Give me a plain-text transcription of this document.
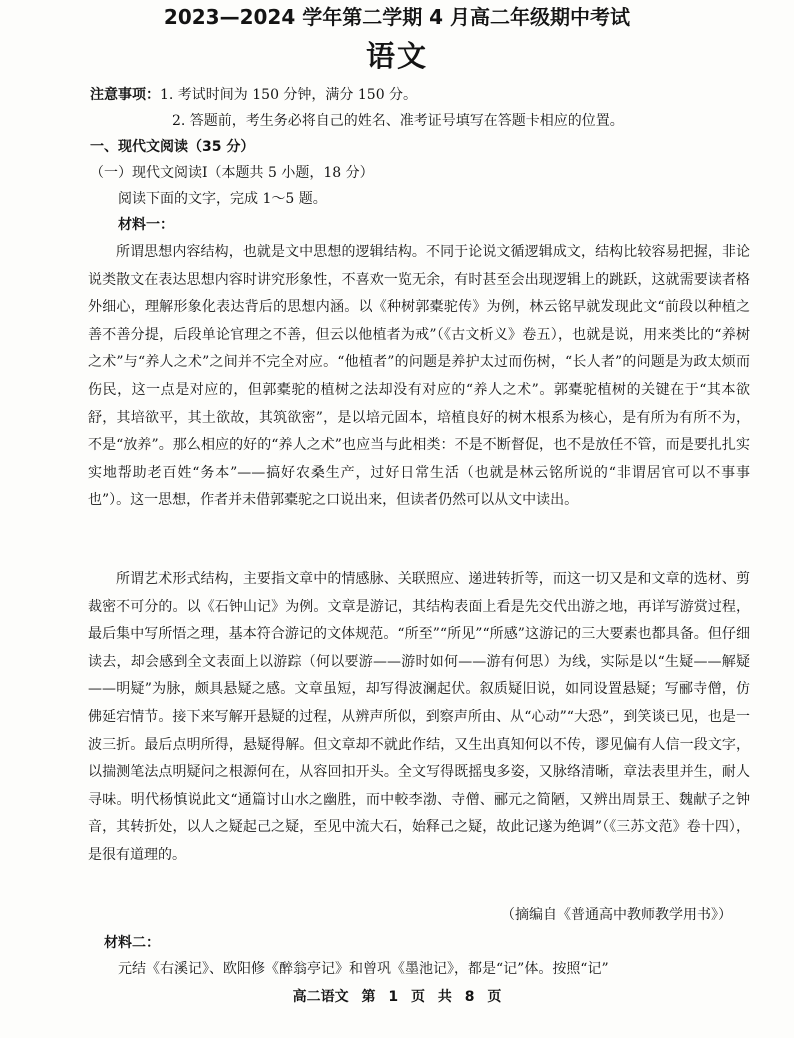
2023—2024 学年第二学期 4 月高二年级期中考试
语文
注意事项：1. 考试时间为 150 分钟，满分 150 分。
2. 答题前，考生务必将自己的姓名、准考证号填写在答题卡相应的位置。
一、现代文阅读（35 分）
（一）现代文阅读Ⅰ（本题共 5 小题，18 分）
阅读下面的文字，完成 1～5 题。
材料一：
所谓思想内容结构，也就是文中思想的逻辑结构。不同于论说文循逻辑成文，结构比较容易把握，非论说类散文在表达思想内容时讲究形象性，不喜欢一览无余，有时甚至会出现逻辑上的跳跃，这就需要读者格外细心，理解形象化表达背后的思想内涵。以《种树郭橐驼传》为例，林云铭早就发现此文“前段以种植之善不善分提，后段单论官理之不善，但云以他植者为戒”（《古文析义》卷五），也就是说，用来类比的“养树之术”与“养人之术”之间并不完全对应。“他植者”的问题是养护太过而伤树，“长人者”的问题是为政太烦而伤民，这一点是对应的，但郭橐驼的植树之法却没有对应的“养人之术”。郭橐驼植树的关键在于“其本欲舒，其培欲平，其土欲故，其筑欲密”，是以培元固本，培植良好的树木根系为核心，是有所为有所不为，不是“放养”。那么相应的好的“养人之术”也应当与此相类：不是不断督促，也不是放任不管，而是要扎扎实实地帮助老百姓“务本”——搞好农桑生产，过好日常生活（也就是林云铭所说的“非谓居官可以不事事也”）。这一思想，作者并未借郭橐驼之口说出来，但读者仍然可以从文中读出。
所谓艺术形式结构，主要指文章中的情感脉、关联照应、递进转折等，而这一切又是和文章的选材、剪裁密不可分的。以《石钟山记》为例。文章是游记，其结构表面上看是先交代出游之地，再详写游赏过程，最后集中写所悟之理，基本符合游记的文体规范。“所至”“所见”“所感”这游记的三大要素也都具备。但仔细读去，却会感到全文表面上以游踪（何以要游——游时如何——游有何思）为线，实际是以“生疑——解疑——明疑”为脉，颇具悬疑之感。文章虽短，却写得波澜起伏。叙质疑旧说，如同设置悬疑；写郦寺僧，仿佛延宕情节。接下来写解开悬疑的过程，从辨声所似，到察声所由、从“心动”“大恐”，到笑谈已见，也是一波三折。最后点明所得，悬疑得解。但文章却不就此作结，又生出真知何以不传，谬见偏有人信一段文字，以揣测笔法点明疑问之根源何在，从容回扣开头。全文写得既摇曳多姿，又脉络清晰，章法表里并生，耐人寻味。明代杨慎说此文“通篇讨山水之幽胜，而中較李渤、寺僧、郦元之简陋，又辨出周景王、魏献子之钟音，其转折处，以人之疑起己之疑，至见中流大石，始释己之疑，故此记遂为绝调”（《三苏文范》卷十四），是很有道理的。
（摘编自《普通高中教师教学用书》）
材料二：
元结《右溪记》、欧阳修《醉翁亭记》和曾巩《墨池记》，都是“记”体。按照“记”
高二语文 第 1 页 共 8 页
